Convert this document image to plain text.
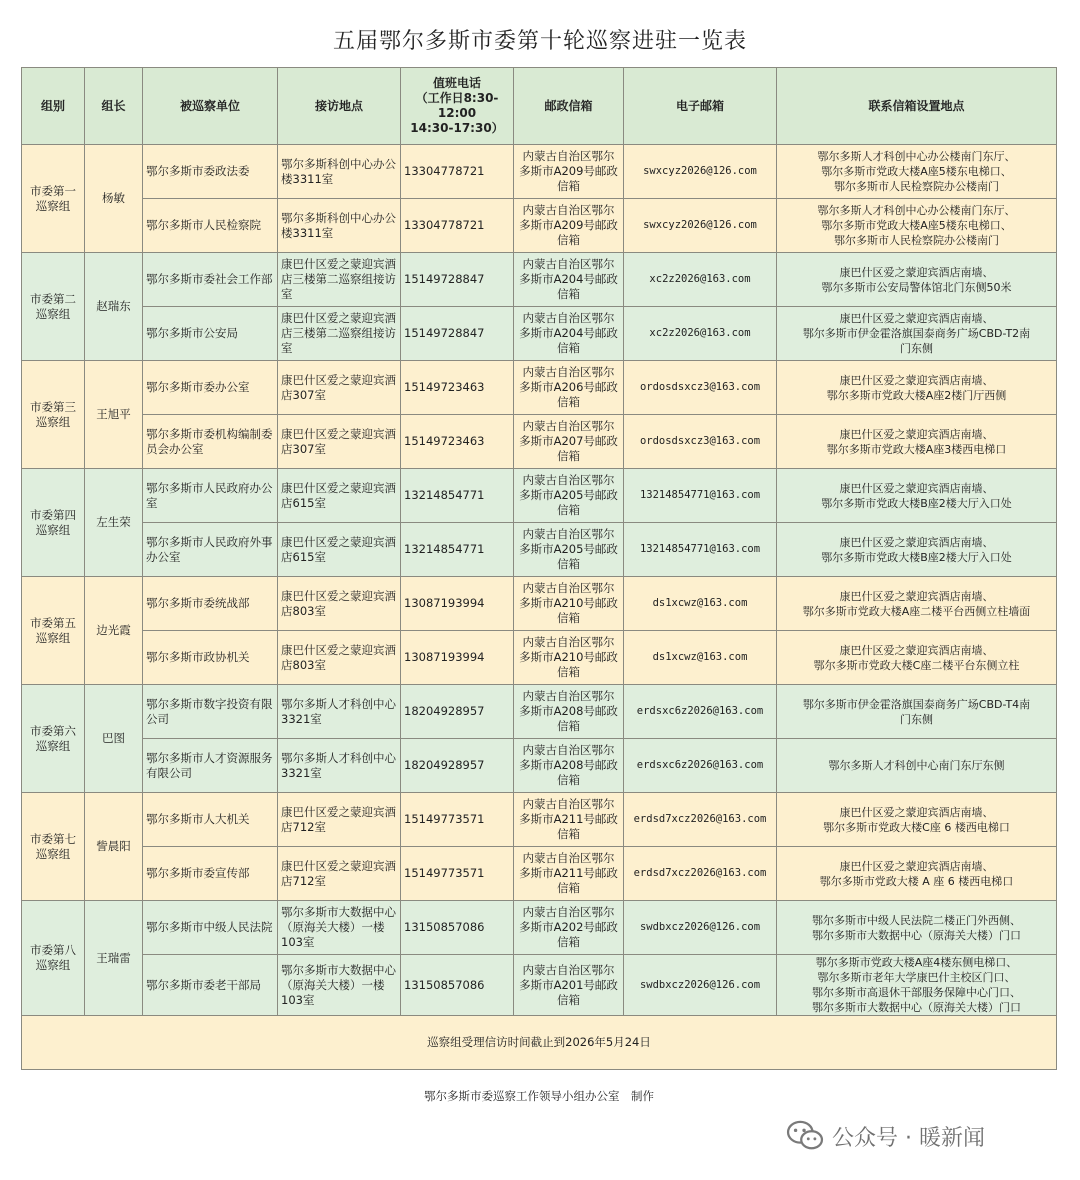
五届鄂尔多斯市委第十轮巡察进驻一览表
组别	组长	被巡察单位	接访地点	值班电话
（工作日8:30-
12:00
14:30-17:30）	邮政信箱	电子邮箱	联系信箱设置地点
市委第一巡察组	杨敏	鄂尔多斯市委政法委	鄂尔多斯科创中心办公楼3311室	13304778721	内蒙古自治区鄂尔多斯市A209号邮政信箱	swxcyz2026@126.com	鄂尔多斯人才科创中心办公楼南门东厅、
鄂尔多斯市党政大楼A座5楼东电梯口、
鄂尔多斯市人民检察院办公楼南门

		鄂尔多斯市人民检察院	鄂尔多斯科创中心办公楼3311室	13304778721	内蒙古自治区鄂尔多斯市A209号邮政信箱	swxcyz2026@126.com	鄂尔多斯人才科创中心办公楼南门东厅、
鄂尔多斯市党政大楼A座5楼东电梯口、
鄂尔多斯市人民检察院办公楼南门

市委第二巡察组	赵瑞东	鄂尔多斯市委社会工作部	康巴什区爱之蒙迎宾酒店三楼第二巡察组接访室	15149728847	内蒙古自治区鄂尔多斯市A204号邮政信箱	xc2z2026@163.com	康巴什区爱之蒙迎宾酒店南墙、
鄂尔多斯市公安局警体馆北门东侧50米

		鄂尔多斯市公安局	康巴什区爱之蒙迎宾酒店三楼第二巡察组接访室	15149728847	内蒙古自治区鄂尔多斯市A204号邮政信箱	xc2z2026@163.com	康巴什区爱之蒙迎宾酒店南墙、
鄂尔多斯市伊金霍洛旗国泰商务广场CBD-T2南
门东侧

市委第三巡察组	王旭平	鄂尔多斯市委办公室	康巴什区爱之蒙迎宾酒店307室	15149723463	内蒙古自治区鄂尔多斯市A206号邮政信箱	ordosdsxcz3@163.com	康巴什区爱之蒙迎宾酒店南墙、
鄂尔多斯市党政大楼A座2楼门厅西侧

		鄂尔多斯市委机构编制委员会办公室	康巴什区爱之蒙迎宾酒店307室	15149723463	内蒙古自治区鄂尔多斯市A207号邮政信箱	ordosdsxcz3@163.com	康巴什区爱之蒙迎宾酒店南墙、
鄂尔多斯市党政大楼A座3楼西电梯口

市委第四巡察组	左生荣	鄂尔多斯市人民政府办公室	康巴什区爱之蒙迎宾酒店615室	13214854771	内蒙古自治区鄂尔多斯市A205号邮政信箱	13214854771@163.com	康巴什区爱之蒙迎宾酒店南墙、
鄂尔多斯市党政大楼B座2楼大厅入口处

		鄂尔多斯市人民政府外事办公室	康巴什区爱之蒙迎宾酒店615室	13214854771	内蒙古自治区鄂尔多斯市A205号邮政信箱	13214854771@163.com	康巴什区爱之蒙迎宾酒店南墙、
鄂尔多斯市党政大楼B座2楼大厅入口处

市委第五巡察组	边光霞	鄂尔多斯市委统战部	康巴什区爱之蒙迎宾酒店803室	13087193994	内蒙古自治区鄂尔多斯市A210号邮政信箱	ds1xcwz@163.com	康巴什区爱之蒙迎宾酒店南墙、
鄂尔多斯市党政大楼A座二楼平台西侧立柱墙面

		鄂尔多斯市政协机关	康巴什区爱之蒙迎宾酒店803室	13087193994	内蒙古自治区鄂尔多斯市A210号邮政信箱	ds1xcwz@163.com	康巴什区爱之蒙迎宾酒店南墙、
鄂尔多斯市党政大楼C座二楼平台东侧立柱

市委第六巡察组	巴图	鄂尔多斯市数字投资有限公司	鄂尔多斯人才科创中心3321室	18204928957	内蒙古自治区鄂尔多斯市A208号邮政信箱	erdsxc6z2026@163.com	鄂尔多斯市伊金霍洛旗国泰商务广场CBD-T4南
门东侧

		鄂尔多斯市人才资源服务有限公司	鄂尔多斯人才科创中心3321室	18204928957	内蒙古自治区鄂尔多斯市A208号邮政信箱	erdsxc6z2026@163.com	鄂尔多斯人才科创中心南门东厅东侧

市委第七巡察组	訾晨阳	鄂尔多斯市人大机关	康巴什区爱之蒙迎宾酒店712室	15149773571	内蒙古自治区鄂尔多斯市A211号邮政信箱	erdsd7xcz2026@163.com	康巴什区爱之蒙迎宾酒店南墙、
鄂尔多斯市党政大楼C座 6 楼西电梯口

		鄂尔多斯市委宣传部	康巴什区爱之蒙迎宾酒店712室	15149773571	内蒙古自治区鄂尔多斯市A211号邮政信箱	erdsd7xcz2026@163.com	康巴什区爱之蒙迎宾酒店南墙、
鄂尔多斯市党政大楼 A 座 6 楼西电梯口

市委第八巡察组	王瑞雷	鄂尔多斯市中级人民法院	鄂尔多斯市大数据中心（原海关大楼）一楼103室	13150857086	内蒙古自治区鄂尔多斯市A202号邮政信箱	swdbxcz2026@126.com	鄂尔多斯市中级人民法院二楼正门外西侧、
鄂尔多斯市大数据中心（原海关大楼）门口

		鄂尔多斯市委老干部局	鄂尔多斯市大数据中心（原海关大楼）一楼103室	13150857086	内蒙古自治区鄂尔多斯市A201号邮政信箱	swdbxcz2026@126.com	鄂尔多斯市党政大楼A座4楼东侧电梯口、
鄂尔多斯市老年大学康巴什主校区门口、
鄂尔多斯市高退休干部服务保障中心门口、
鄂尔多斯市大数据中心（原海关大楼）门口

巡察组受理信访时间截止到2026年5月24日							
鄂尔多斯市委巡察工作领导小组办公室　制作							
公众号 · 暖新闻
